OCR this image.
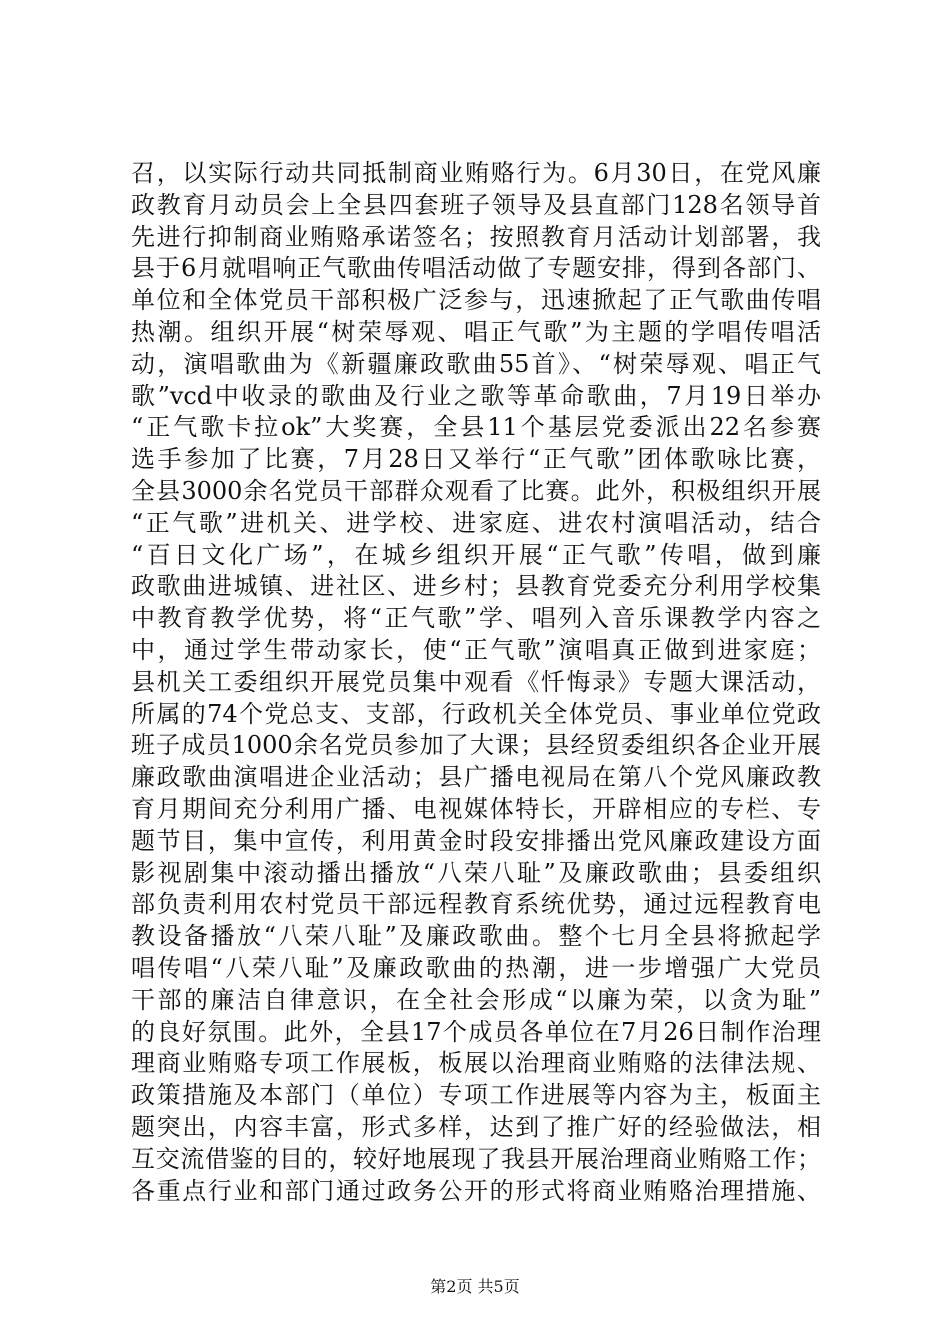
召，以实际行动共同抵制商业贿赂行为。6月30日，在党风廉
政教育月动员会上全县四套班子领导及县直部门128名领导首
先进行抑制商业贿赂承诺签名；按照教育月活动计划部署，我
县于6月就唱响正气歌曲传唱活动做了专题安排，得到各部门、
单位和全体党员干部积极广泛参与，迅速掀起了正气歌曲传唱
热潮。组织开展“树荣辱观、唱正气歌”为主题的学唱传唱活
动，演唱歌曲为《新疆廉政歌曲55首》、“树荣辱观、唱正气
歌”vcd中收录的歌曲及行业之歌等革命歌曲，7月19日举办
“正气歌卡拉ok”大奖赛，全县11个基层党委派出22名参赛
选手参加了比赛，7月28日又举行“正气歌”团体歌咏比赛，
全县3000余名党员干部群众观看了比赛。此外，积极组织开展
“正气歌”进机关、进学校、进家庭、进农村演唱活动，结合
“百日文化广场”，在城乡组织开展“正气歌”传唱，做到廉
政歌曲进城镇、进社区、进乡村；县教育党委充分利用学校集
中教育教学优势，将“正气歌”学、唱列入音乐课教学内容之
中，通过学生带动家长，使“正气歌”演唱真正做到进家庭；
县机关工委组织开展党员集中观看《忏悔录》专题大课活动，
所属的74个党总支、支部，行政机关全体党员、事业单位党政
班子成员1000余名党员参加了大课；县经贸委组织各企业开展
廉政歌曲演唱进企业活动；县广播电视局在第八个党风廉政教
育月期间充分利用广播、电视媒体特长，开辟相应的专栏、专
题节目，集中宣传，利用黄金时段安排播出党风廉政建设方面
影视剧集中滚动播出播放“八荣八耻”及廉政歌曲；县委组织
部负责利用农村党员干部远程教育系统优势，通过远程教育电
教设备播放“八荣八耻”及廉政歌曲。整个七月全县将掀起学
唱传唱“八荣八耻”及廉政歌曲的热潮，进一步增强广大党员
干部的廉洁自律意识，在全社会形成“以廉为荣，以贪为耻”
的良好氛围。此外，全县17个成员各单位在7月26日制作治理
理商业贿赂专项工作展板，板展以治理商业贿赂的法律法规、
政策措施及本部门（单位）专项工作进展等内容为主，板面主
题突出，内容丰富，形式多样，达到了推广好的经验做法，相
互交流借鉴的目的，较好地展现了我县开展治理商业贿赂工作；
各重点行业和部门通过政务公开的形式将商业贿赂治理措施、
第2页 共5页
